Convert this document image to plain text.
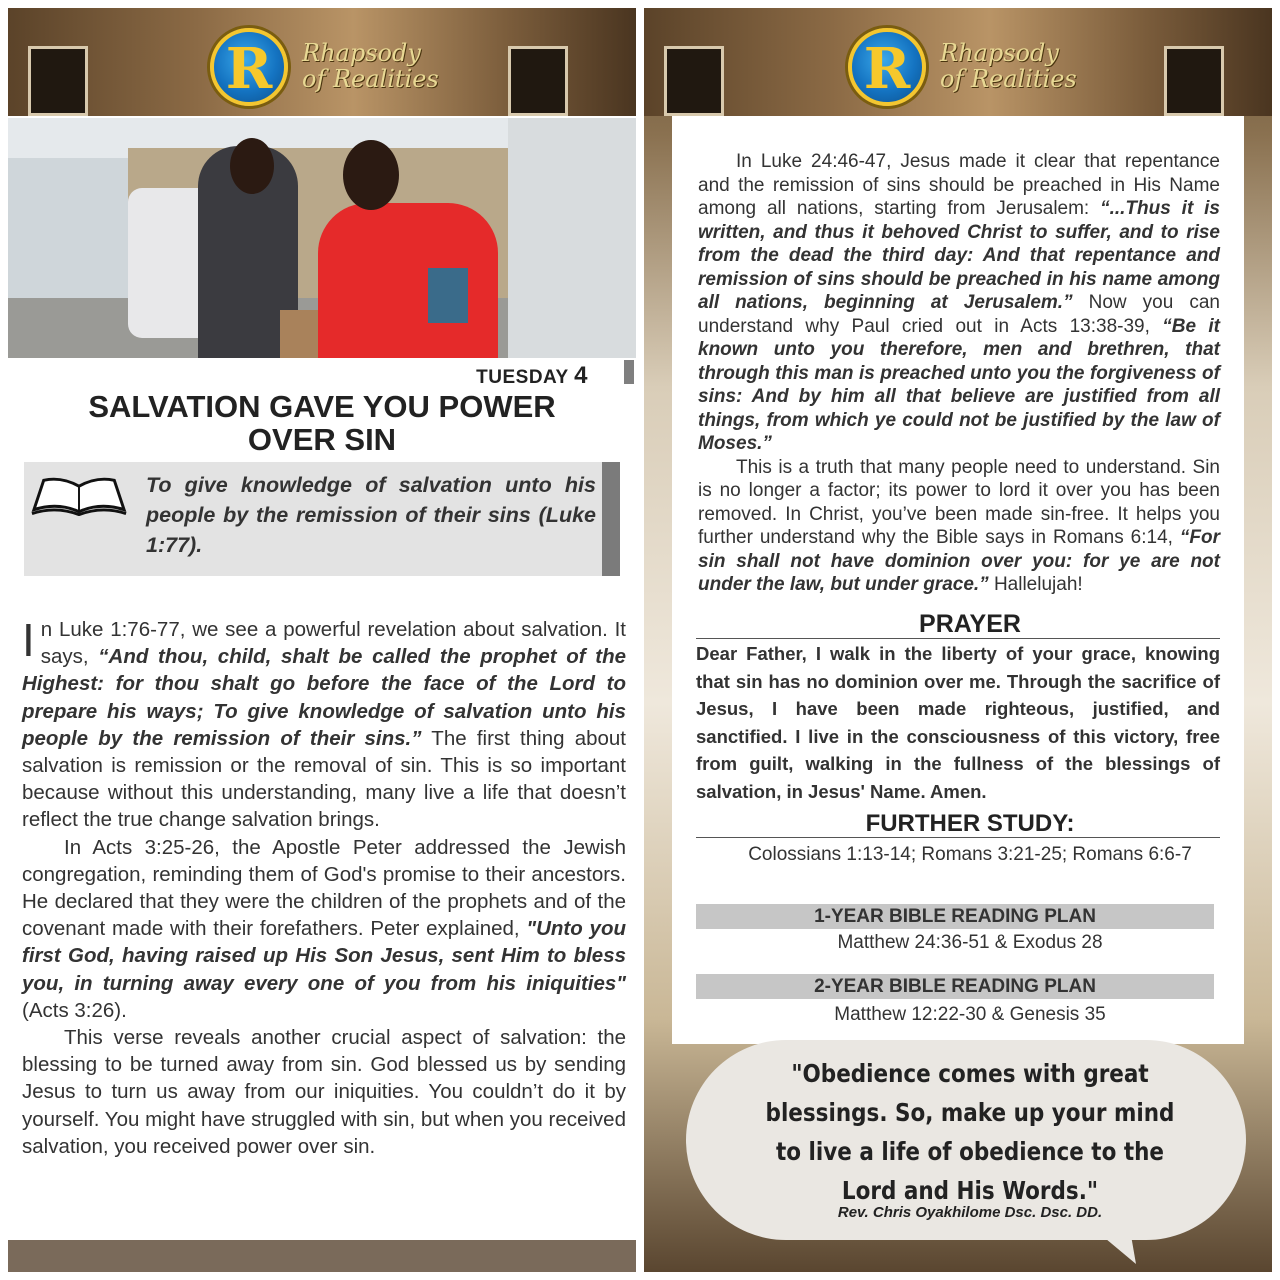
R	Rhapsody
of Realities
TUESDAY 4
SALVATION GAVE YOU POWER
OVER SIN
To give knowledge of salvation unto his people by the remission of their sins (Luke 1:77).

In Luke 1:76-77, we see a powerful revelation about salvation. It says, “And thou, child, shalt be called the prophet of the Highest: for thou shalt go before the face of the Lord to prepare his ways; To give knowledge of salvation unto his people by the remission of their sins.” The first thing about salvation is remission or the removal of sin. This is so important because without this understanding, many live a life that doesn’t reflect the true change salvation brings.

In Acts 3:25-26, the Apostle Peter addressed the Jewish congregation, reminding them of God's promise to their ancestors. He declared that they were the children of the prophets and of the covenant made with their forefathers. Peter explained, "Unto you first God, having raised up His Son Jesus, sent Him to bless you, in turning away every one of you from his iniquities" (Acts 3:26).

This verse reveals another crucial aspect of salvation: the blessing to be turned away from sin. God blessed us by sending Jesus to turn us away from our iniquities. You couldn’t do it by yourself. You might have struggled with sin, but when you received salvation, you received power over sin.

R	Rhapsody
of Realities

In Luke 24:46-47, Jesus made it clear that repentance and the remission of sins should be preached in His Name among all nations, starting from Jerusalem: “...Thus it is written, and thus it behoved Christ to suffer, and to rise from the dead the third day: And that repentance and remission of sins should be preached in his name among all nations, beginning at Jerusalem.” Now you can understand why Paul cried out in Acts 13:38-39, “Be it known unto you therefore, men and brethren, that through this man is preached unto you the forgiveness of sins: And by him all that believe are justified from all things, from which ye could not be justified by the law of Moses.”

This is a truth that many people need to understand. Sin is no longer a factor; its power to lord it over you has been removed. In Christ, you’ve been made sin-free. It helps you further understand why the Bible says in Romans 6:14, “For sin shall not have dominion over you: for ye are not under the law, but under grace.” Hallelujah!

PRAYER
Dear Father, I walk in the liberty of your grace, knowing that sin has no dominion over me. Through the sacrifice of Jesus, I have been made righteous, justified, and sanctified. I live in the consciousness of this victory, free from guilt, walking in the fullness of the blessings of salvation, in Jesus' Name. Amen.
FURTHER STUDY:
Colossians 1:13-14; Romans 3:21-25; Romans 6:6-7
1-YEAR BIBLE READING PLAN
Matthew 24:36-51 & Exodus 28
2-YEAR BIBLE READING PLAN
Matthew 12:22-30 & Genesis 35
"Obedience comes with great blessings. So, make up your mind to live a life of obedience to the Lord and His Words."
Rev. Chris Oyakhilome Dsc. Dsc. DD.
